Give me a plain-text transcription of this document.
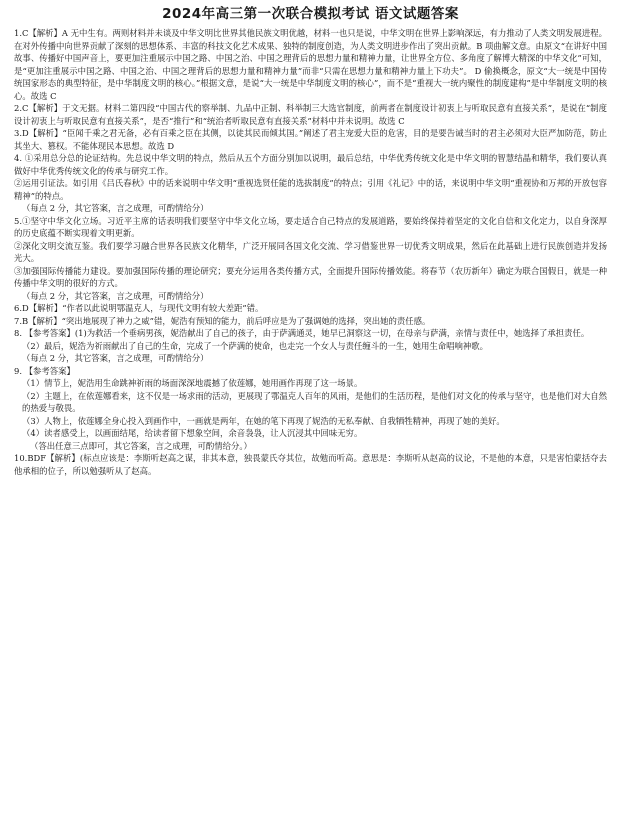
2024年高三第一次联合模拟考试 语文试题答案

1.C【解析】A 无中生有。两则材料并未谈及中华文明比世界其他民族文明优越，材料一也只是说，中华文明在世界上影响深远，有力推动了人类文明发展进程。在对外传播中向世界贡献了深刻的思想体系、丰富的科技文化艺术成果、独特的制度创造，为人类文明进步作出了突出贡献。B 项曲解文意。由原文“在讲好中国故事、传播好中国声音上，要更加注重展示中国之路、中国之治、中国之理背后的思想力量和精神力量，让世界全方位、多角度了解博大精深的中华文化”可知，是“更加注重展示中国之路、中国之治、中国之理背后的思想力量和精神力量”而非“只需在思想力量和精神力量上下功夫”。 D 偷换概念，原文“大一统是中国传统国家形态的典型特征，是中华制度文明的核心。”根据文意，是说“大一统是中华制度文明的核心”，而不是“重视大一统内聚性的制度建构”是中华制度文明的核心。故选 C

2.C【解析】于文无据。材料二第四段“中国古代的察举制、九品中正制、科举制三大选官制度，前两者在制度设计初衷上与听取民意有直接关系”，是说在“制度设计初衷上与听取民意有直接关系”，是否“推行”和“统治者听取民意有直接关系”材料中并未说明。故选 C

3.D【解析】“臣闻千乘之君无备，必有百乘之臣在其侧，以徒其民而倾其国。”阐述了君主宠爱大臣的危害，目的是要告诫当时的君主必须对大臣严加防范，防止其坐大、篡权。不能体现民本思想。故选 D

4. ①采用总分总的论证结构。先总说中华文明的特点，然后从五个方面分别加以说明，最后总结，中华优秀传统文化是中华文明的智慧结晶和精华，我们要认真做好中华优秀传统文化的传承与研究工作。

②运用引证法。如引用《吕氏春秋》中的话来说明中华文明“重视选贤任能的选拔制度”的特点；引用《礼记》中的话，来说明中华文明“重视协和万邦的开放包容精神”的特点。

（每点 2 分，其它答案，言之成理，可酌情给分）

5.①坚守中华文化立场。习近平主席的话表明我们要坚守中华文化立场，要走适合自己特点的发展道路，要始终保持着坚定的文化自信和文化定力，以自身深厚的历史底蕴不断实现着文明更新。

②深化文明交流互鉴。我们要学习融合世界各民族文化精华，广泛开展同各国文化交流、学习借鉴世界一切优秀文明成果，然后在此基础上进行民族创造并发扬光大。

③加强国际传播能力建设。要加强国际传播的理论研究；要充分运用各类传播方式，全面提升国际传播效能。将春节（农历新年）确定为联合国假日，就是一种传播中华文明的很好的方式。

（每点 2 分，其它答案，言之成理，可酌情给分）

6.D【解析】“作者以此说明鄂温克人，与现代文明有较大差距”错。

7.B【解析】“突出地展现了神力之威”错，妮浩有预知的能力，前后呼应是为了强调她的选择，突出她的责任感。

8. 【参考答案】(1)为救活一个垂病男孩，妮浩献出了自己的孩子，由于萨满通灵，她早已洞察这一切，在母亲与萨满，亲情与责任中，她选择了承担责任。

（2）最后，妮浩为祈雨献出了自己的生命，完成了一个萨满的使命，也走完一个女人与责任缠斗的一生，她用生命唱响神歌。

（每点 2 分，其它答案，言之成理，可酌情给分）

9. 【参考答案】

（1）情节上，妮浩用生命跳神祈雨的场面深深地震撼了依莲娜，她用画作再现了这一场景。

（2）主题上，在依莲娜看来，这不仅是一场求雨的活动，更展现了鄂温克人百年的风雨，是他们的生活历程，是他们对文化的传承与坚守，也是他们对大自然的热爱与敬畏。

（3）人物上，依莲娜全身心投入到画作中，一画就是两年，在她的笔下再现了妮浩的无私奉献、自我牺牲精神，再现了她的美好。

（4）读者感受上，以画面结尾，给读者留下想象空间，余音袅袅，让人沉浸其中回味无穷。

（答出任意三点即可，其它答案，言之成理，可酌情给分。）

10.BDF【解析】(标点应该是：李斯听赵高之谋，非其本意，独畏蒙氏夺其位，故勉而听高。意思是：李斯听从赵高的议论，不是他的本意，只是害怕蒙括夺去他承相的位子，所以勉强听从了赵高。
